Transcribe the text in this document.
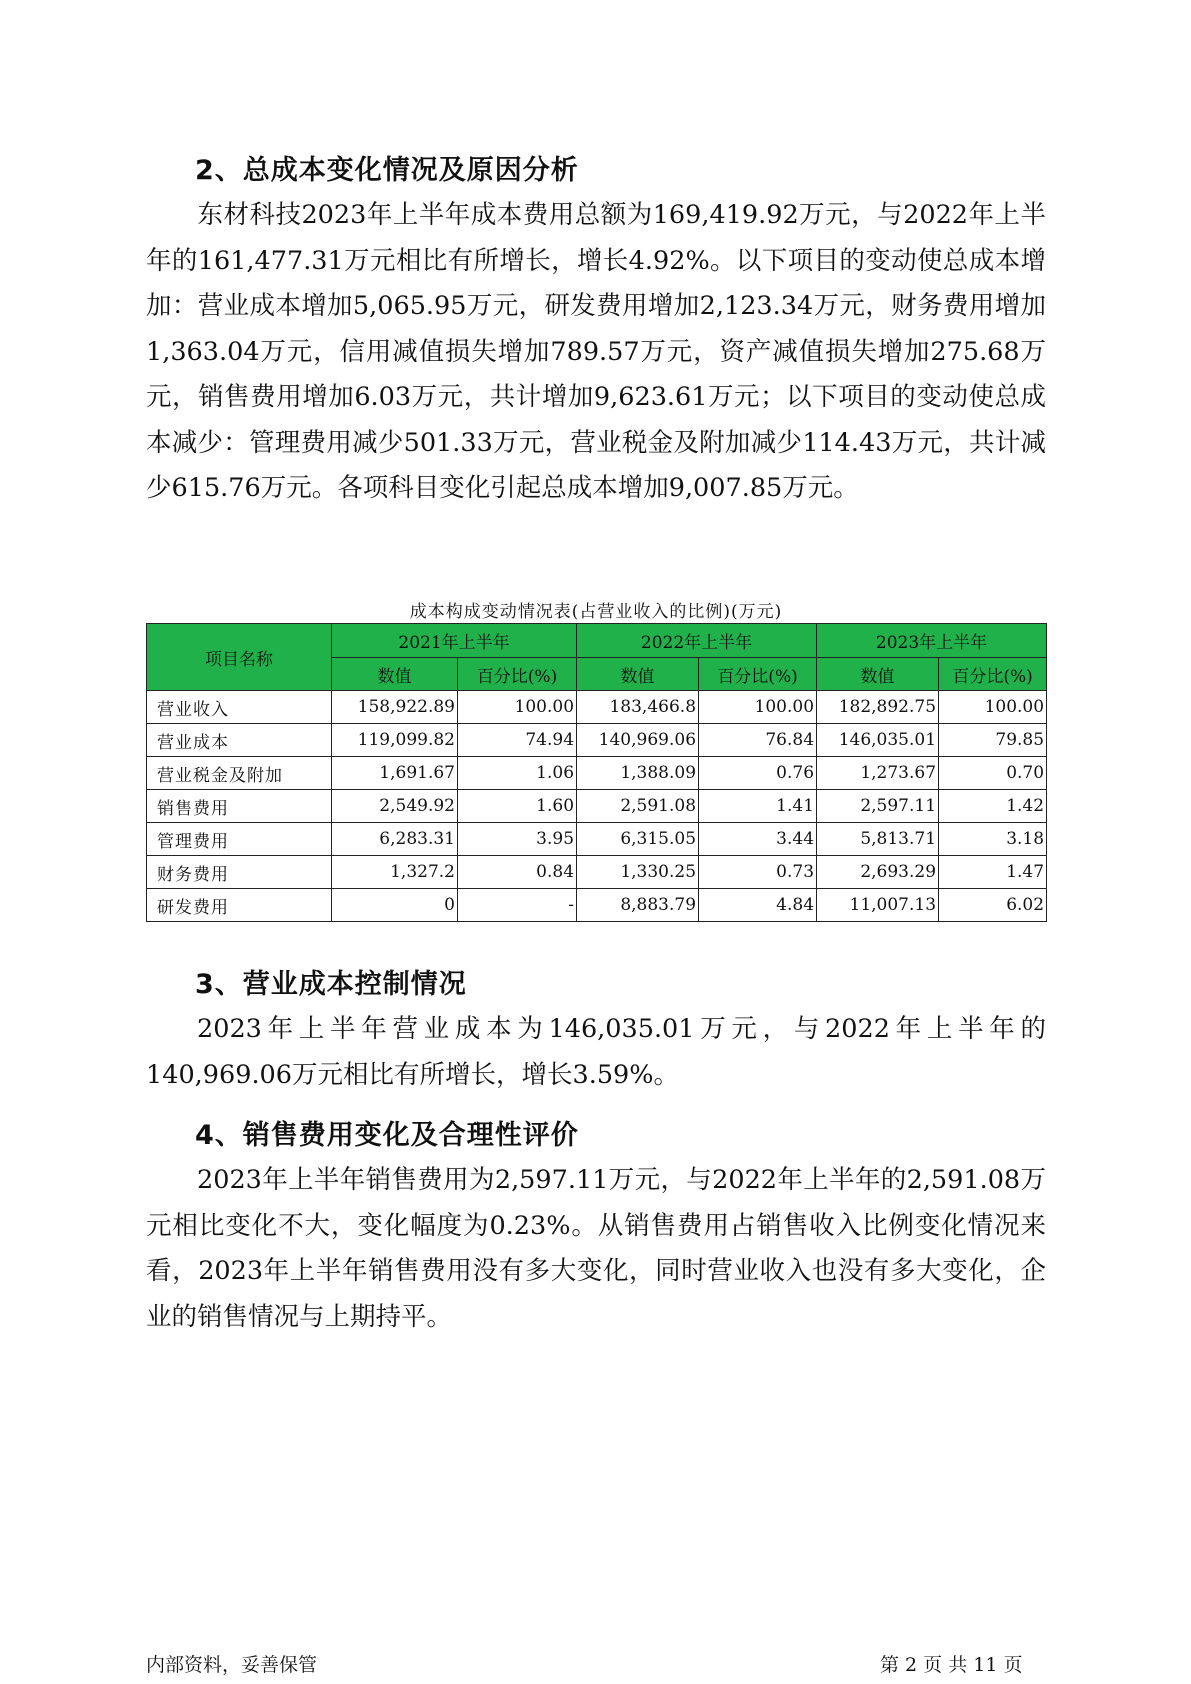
2、总成本变化情况及原因分析

东材科技2023年上半年成本费用总额为169,419.92万元，与2022年上半年的161,477.31万元相比有所增长，增长4.92%。以下项目的变动使总成本增加：营业成本增加5,065.95万元，研发费用增加2,123.34万元，财务费用增加1,363.04万元，信用减值损失增加789.57万元，资产减值损失增加275.68万元，销售费用增加6.03万元，共计增加9,623.61万元；以下项目的变动使总成本减少：管理费用减少501.33万元，营业税金及附加减少114.43万元，共计减少615.76万元。各项科目变化引起总成本增加9,007.85万元。

成本构成变动情况表(占营业收入的比例)(万元)
项目名称	2021年上半年		2022年上半年		2023年上半年	
	数值	百分比(%)	数值	百分比(%)	数值	百分比(%)
营业收入	158,922.89	100.00	183,466.8	100.00	182,892.75	100.00
营业成本	119,099.82	74.94	140,969.06	76.84	146,035.01	79.85
营业税金及附加	1,691.67	1.06	1,388.09	0.76	1,273.67	0.70
销售费用	2,549.92	1.60	2,591.08	1.41	2,597.11	1.42
管理费用	6,283.31	3.95	6,315.05	3.44	5,813.71	3.18
财务费用	1,327.2	0.84	1,330.25	0.73	2,693.29	1.47
研发费用	0	-	8,883.79	4.84	11,007.13	6.02
3、营业成本控制情况

2023年上半年营业成本为146,035.01万元，与2022年上半年的140,969.06万元相比有所增长，增长3.59%。

4、销售费用变化及合理性评价

2023年上半年销售费用为2,597.11万元，与2022年上半年的2,591.08万元相比变化不大，变化幅度为0.23%。从销售费用占销售收入比例变化情况来看，2023年上半年销售费用没有多大变化，同时营业收入也没有多大变化，企业的销售情况与上期持平。

内部资料，妥善保管	第 2 页 共 11 页
